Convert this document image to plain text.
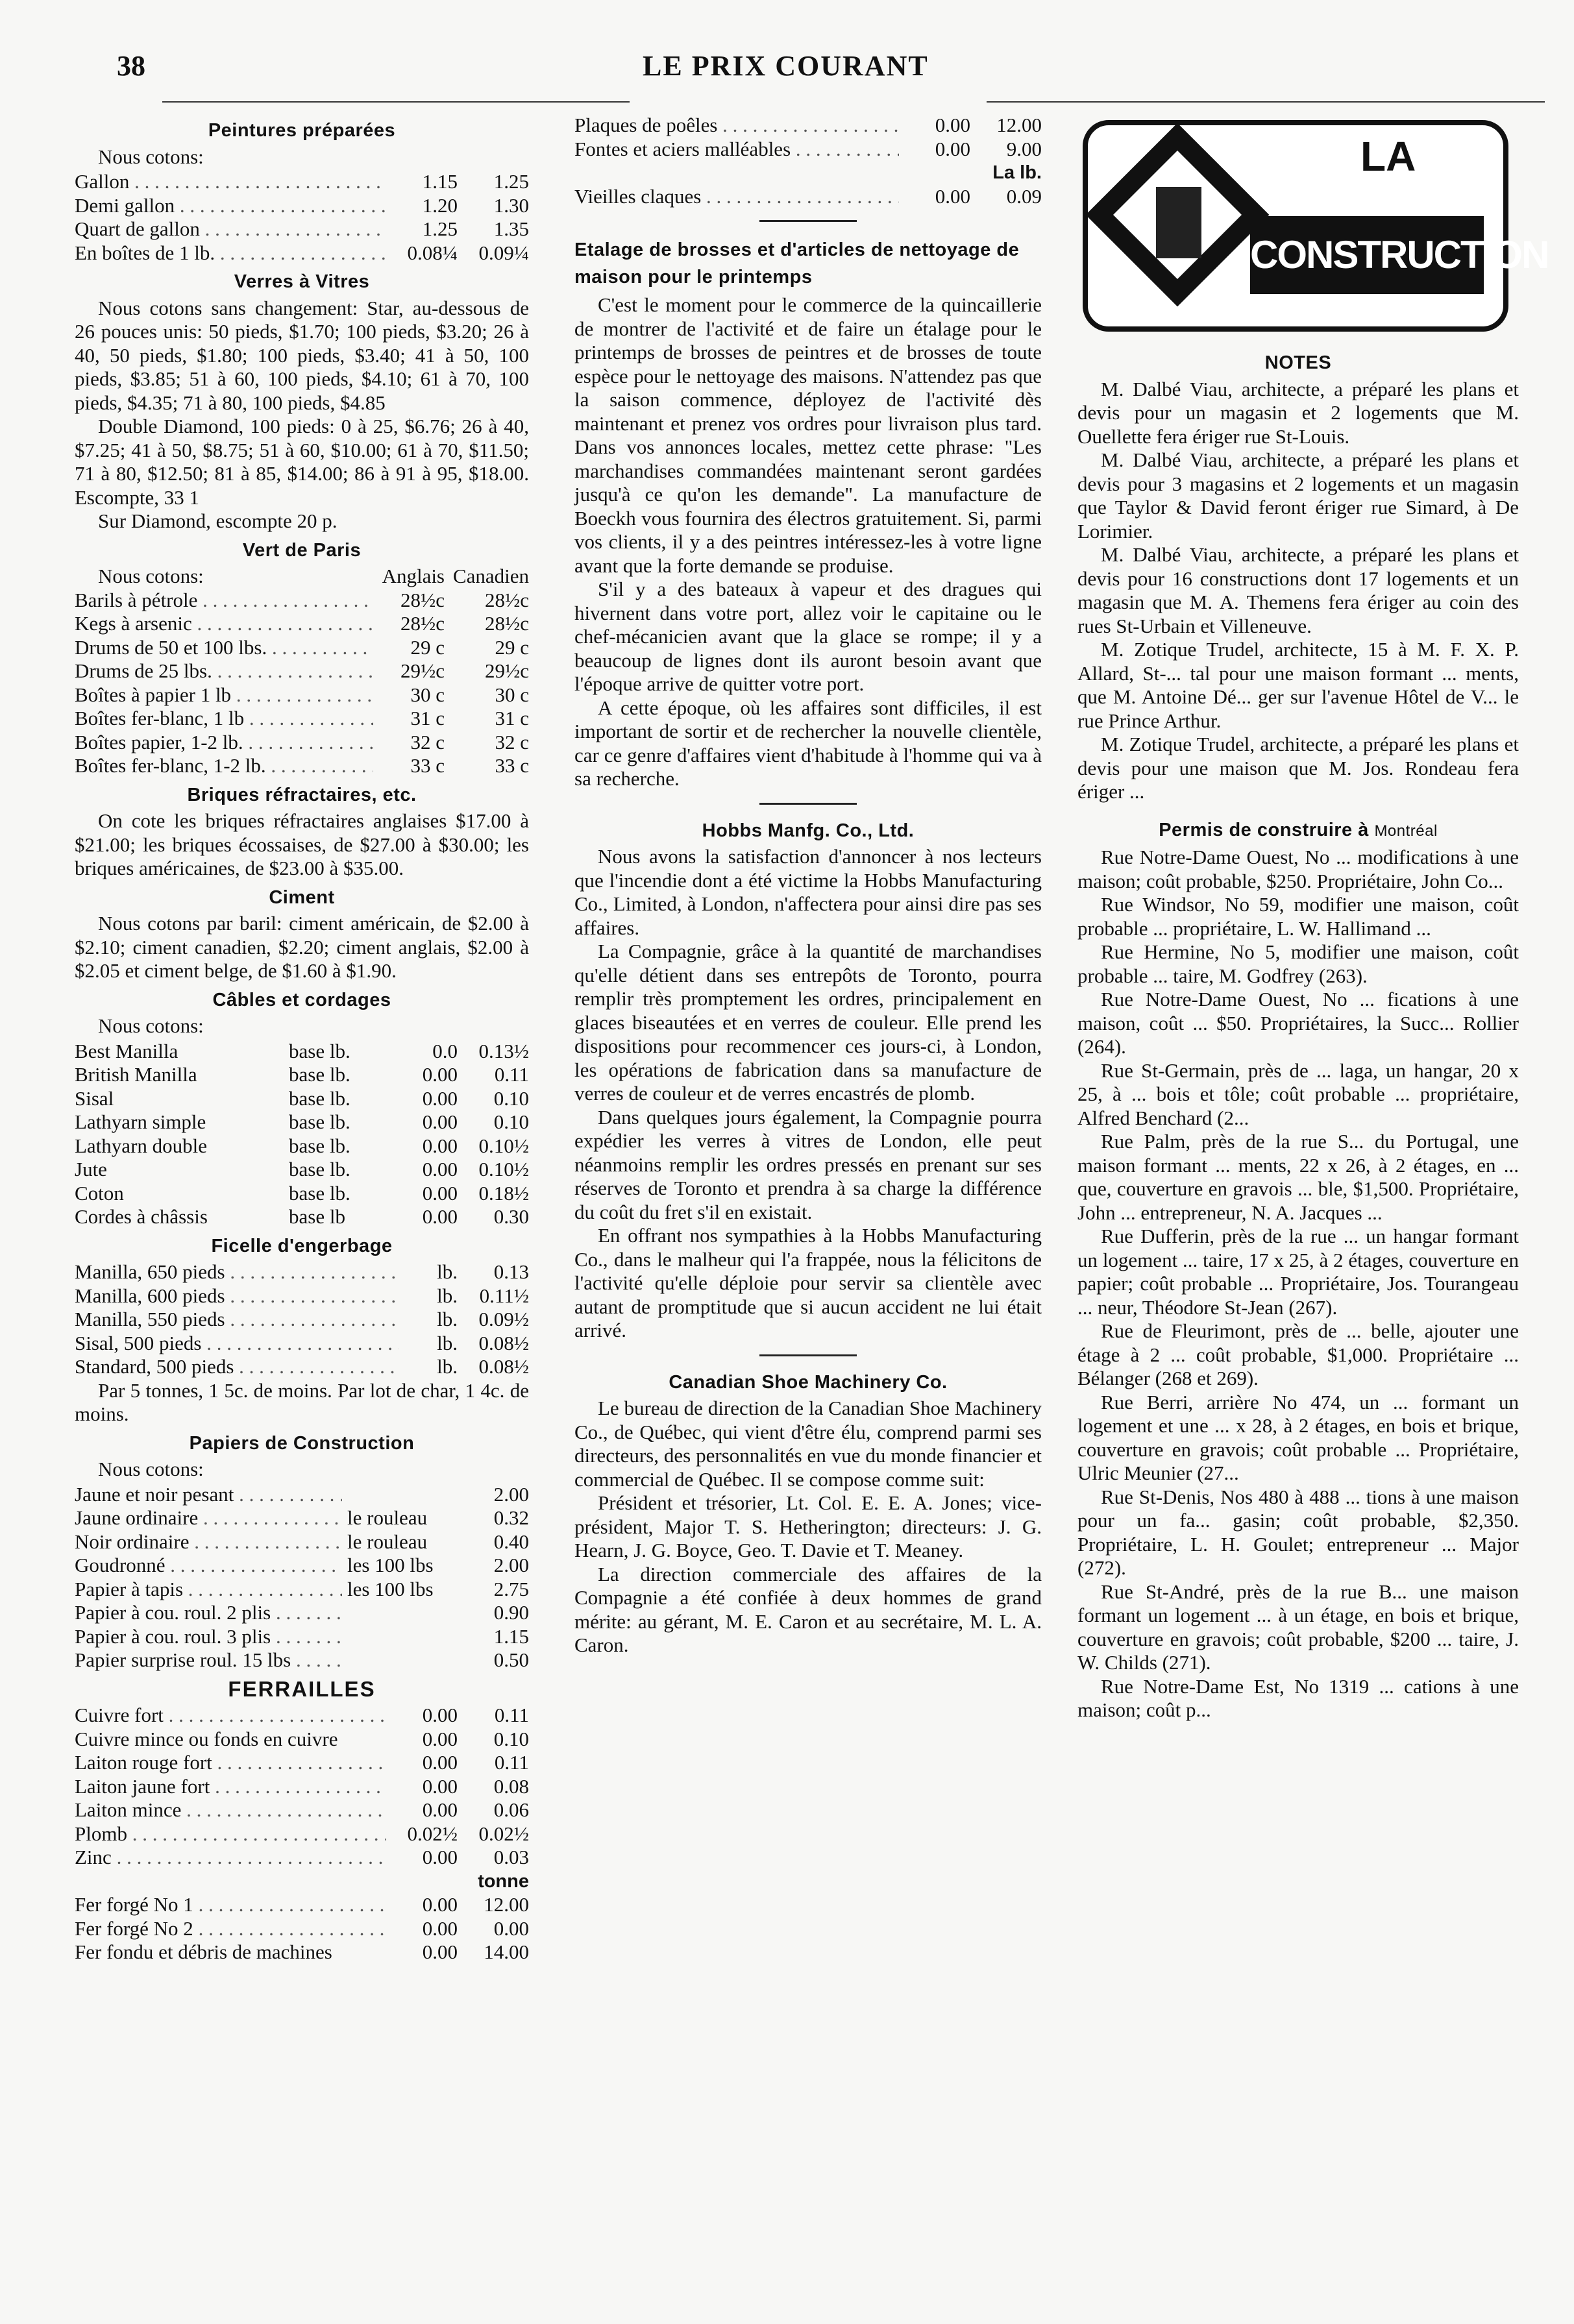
38	LE PRIX COURANT
Peintures préparées
Nous cotons:
Gallon . . .	1.15	1.25
Demi gallon . . .	1.20	1.30
Quart de gallon . . .	1.25	1.35
En boîtes de 1 lb. . . .	0.08¼	0.09¼
Verres à Vitres

Nous cotons sans changement: Star, au-dessous de 26 pouces unis: 50 pieds, $1.70; 100 pieds, $3.20; 26 à 40, 50 pieds, $1.80; 100 pieds, $3.40; 41 à 50, 100 pieds, $3.85; 51 à 60, 100 pieds, $4.10; 61 à 70, 100 pieds, $4.35; 71 à 80, 100 pieds, $4.85

Double Diamond, 100 pieds: 0 à 25, $6.76; 26 à 40, $7.25; 41 à 50, $8.75; 51 à 60, $10.00; 61 à 70, $11.50; 71 à 80, $12.50; 81 à 85, $14.00; 86 à 91 à 95, $18.00. Escompte, 33 1

Sur Diamond, escompte 20 p.

Vert de Paris
Nous cotons:	Anglais Canadien
Barils à pétrole . . .	28½c	28½c
Kegs à arsenic . . .	28½c	28½c
Drums de 50 et 100 lbs. . . .	29 c	29 c
Drums de 25 lbs. . . .	29½c	29½c
Boîtes à papier 1 lb . . .	30 c	30 c
Boîtes fer-blanc, 1 lb . . .	31 c	31 c
Boîtes papier, 1-2 lb. . . .	32 c	32 c
Boîtes fer-blanc, 1-2 lb. . . .	33 c	33 c
Briques réfractaires, etc.

On cote les briques réfractaires anglaises $17.00 à $21.00; les briques écossaises, de $27.00 à $30.00; les briques américaines, de $23.00 à $35.00.

Ciment

Nous cotons par baril: ciment américain, de $2.00 à $2.10; ciment canadien, $2.20; ciment anglais, $2.00 à $2.05 et ciment belge, de $1.60 à $1.90.

Câbles et cordages
Nous cotons:
Best Manilla	base lb.	0.0	0.13½
British Manilla	base lb.	0.00	0.11
Sisal	base lb.	0.00	0.10
Lathyarn simple	base lb.	0.00	0.10
Lathyarn double	base lb.	0.00	0.10½
Jute	base lb.	0.00	0.10½
Coton	base lb.	0.00	0.18½
Cordes à châssis	base lb	0.00	0.30
Ficelle d'engerbage
Manilla, 650 pieds . . .	lb.	0.13
Manilla, 600 pieds . . .	lb.	0.11½
Manilla, 550 pieds . . .	lb.	0.09½
Sisal, 500 pieds . . .	lb.	0.08½
Standard, 500 pieds . . .	lb.	0.08½

Par 5 tonnes, 1 5c. de moins. Par lot de char, 1 4c. de moins.

Papiers de Construction
Nous cotons:
Jaune et noir pesant . . .	2.00
Jaune ordinaire . . .	le rouleau	0.32
Noir ordinaire . . .	le rouleau	0.40
Goudronné . . .	les 100 lbs	2.00
Papier à tapis . . .	les 100 lbs	2.75
Papier à cou. roul. 2 plis . . .	0.90
Papier à cou. roul. 3 plis . . .	1.15
Papier surprise roul. 15 lbs . . .	0.50
FERRAILLES
Cuivre fort . . .	0.00	0.11
Cuivre mince ou fonds en cuivre	0.00	0.10
Laiton rouge fort . . .	0.00	0.11
Laiton jaune fort . . .	0.00	0.08
Laiton mince . . .	0.00	0.06
Plomb . . .	0.02½	0.02½
Zinc . . .	0.00	0.03
tonne
Fer forgé No 1 . . .	0.00	12.00
Fer forgé No 2 . . .	0.00	0.00
Fer fondu et débris de machines	0.00	14.00
Plaques de poêles . . .	0.00	12.00
Fontes et aciers malléables . . .	0.00	9.00
La lb.
Vieilles claques . . .	0.00	0.09
Etalage de brosses et d'articles de nettoyage de maison pour le printemps

C'est le moment pour le commerce de la quincaillerie de montrer de l'activité et de faire un étalage pour le printemps de brosses de peintres et de brosses de toute espèce pour le nettoyage des maisons. N'attendez pas que la saison commence, déployez de l'activité dès maintenant et prenez vos ordres pour livraison plus tard. Dans vos annonces locales, mettez cette phrase: "Les marchandises commandées maintenant seront gardées jusqu'à ce qu'on les demande". La manufacture de Boeckh vous fournira des électros gratuitement. Si, parmi vos clients, il y a des peintres intéressez-les à votre ligne avant que la forte demande se produise.

S'il y a des bateaux à vapeur et des dragues qui hivernent dans votre port, allez voir le capitaine ou le chef-mécanicien avant que la glace se rompe; il y a beaucoup de lignes dont ils auront besoin avant que l'époque arrive de quitter votre port.

A cette époque, où les affaires sont difficiles, il est important de sortir et de rechercher la nouvelle clientèle, car ce genre d'affaires vient d'habitude à l'homme qui va à sa recherche.

Hobbs Manfg. Co., Ltd.

Nous avons la satisfaction d'annoncer à nos lecteurs que l'incendie dont a été victime la Hobbs Manufacturing Co., Limited, à London, n'affectera pour ainsi dire pas ses affaires.

La Compagnie, grâce à la quantité de marchandises qu'elle détient dans ses entrepôts de Toronto, pourra remplir très promptement les ordres, principalement en glaces biseautées et en verres de couleur. Elle prend les dispositions pour recommencer ces jours-ci, à London, les opérations de fabrication dans sa manufacture de verres de couleur et de verres encastrés de plomb.

Dans quelques jours également, la Compagnie pourra expédier les verres à vitres de London, elle peut néanmoins remplir les ordres pressés en prenant sur ses réserves de Toronto et prendra à sa charge la différence du coût du fret s'il en existait.

En offrant nos sympathies à la Hobbs Manufacturing Co., dans le malheur qui l'a frappée, nous la félicitons de l'activité qu'elle déploie pour servir sa clientèle avec autant de promptitude que si aucun accident ne lui était arrivé.

Canadian Shoe Machinery Co.

Le bureau de direction de la Canadian Shoe Machinery Co., de Québec, qui vient d'être élu, comprend parmi ses directeurs, des personnalités en vue du monde financier et commercial de Québec. Il se compose comme suit:

Président et trésorier, Lt. Col. E. E. A. Jones; vice-président, Major T. S. Hetherington; directeurs: J. G. Hearn, J. G. Boyce, Geo. T. Davie et T. Meaney.

La direction commerciale des affaires de la Compagnie a été confiée à deux hommes de grand mérite: au gérant, M. E. Caron et au secrétaire, M. L. A. Caron.

LA
CONSTRUCTION
NOTES

M. Dalbé Viau, architecte, a préparé les plans et devis pour un magasin et 2 logements que M. Ouellette fera ériger rue St-Louis.

M. Dalbé Viau, architecte, a préparé les plans et devis pour 3 magasins et 2 logements et un magasin que Taylor & David feront ériger rue Simard, à De Lorimier.

M. Dalbé Viau, architecte, a préparé les plans et devis pour 16 constructions dont 17 logements et un magasin que M. A. Themens fera ériger au coin des rues St-Urbain et Villeneuve.

M. Zotique Trudel, architecte, 15 à M. F. X. P. Allard, St-... tal pour une maison formant ... ments, que M. Antoine Dé... ger sur l'avenue Hôtel de V... le rue Prince Arthur.

M. Zotique Trudel, architecte, a préparé les plans et devis pour une maison que M. Jos. Rondeau fera ériger ...

Permis de construire à Montréal

Rue Notre-Dame Ouest, No ... modifications à une maison; coût probable, $250. Propriétaire, John Co...

Rue Windsor, No 59, modifier une maison, coût probable ... propriétaire, L. W. Hallimand ...

Rue Hermine, No 5, modifier une maison, coût probable ... taire, M. Godfrey (263).

Rue Notre-Dame Ouest, No ... fications à une maison, coût ... $50. Propriétaires, la Succ... Rollier (264).

Rue St-Germain, près de ... laga, un hangar, 20 x 25, à ... bois et tôle; coût probable ... propriétaire, Alfred Benchard (2...

Rue Palm, près de la rue S... du Portugal, une maison formant ... ments, 22 x 26, à 2 étages, en ... que, couverture en gravois ... ble, $1,500. Propriétaire, John ... entrepreneur, N. A. Jacques ...

Rue Dufferin, près de la rue ... un hangar formant un logement ... taire, 17 x 25, à 2 étages, couverture en papier; coût probable ... Propriétaire, Jos. Tourangeau ... neur, Théodore St-Jean (267).

Rue de Fleurimont, près de ... belle, ajouter une étage à 2 ... coût probable, $1,000. Propriétaire ... Bélanger (268 et 269).

Rue Berri, arrière No 474, un ... formant un logement et une ... x 28, à 2 étages, en bois et brique, couverture en gravois; coût probable ... Propriétaire, Ulric Meunier (27...

Rue St-Denis, Nos 480 à 488 ... tions à une maison pour un fa... gasin; coût probable, $2,350. Propriétaire, L. H. Goulet; entrepreneur ... Major (272).

Rue St-André, près de la rue B... une maison formant un logement ... à un étage, en bois et brique, couverture en gravois; coût probable, $200 ... taire, J. W. Childs (271).

Rue Notre-Dame Est, No 1319 ... cations à une maison; coût p...
